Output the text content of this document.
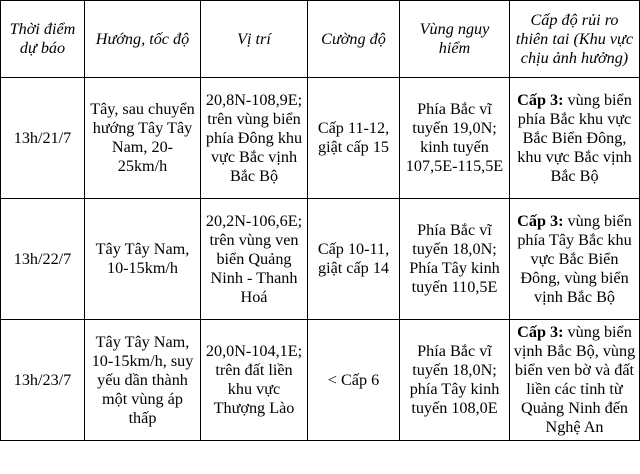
Thời điểm dự báo	Hướng, tốc độ	Vị trí	Cường độ	Vùng nguy hiểm	Cấp độ rủi ro thiên tai (Khu vực chịu ảnh hưởng)
13h/21/7	Tây, sau chuyển hướng Tây Tây Nam, 20-25km/h	20,8N-108,9E; trên vùng biển phía Đông khu vực Bắc vịnh Bắc Bộ	Cấp 11-12, giật cấp 15	Phía Bắc vĩ tuyến 19,0N; kinh tuyến 107,5E-115,5E	Cấp 3: vùng biển phía Bắc khu vực Bắc Biển Đông, khu vực Bắc vịnh Bắc Bộ
13h/22/7	Tây Tây Nam, 10-15km/h	20,2N-106,6E; trên vùng ven biển Quảng Ninh - Thanh Hoá	Cấp 10-11, giật cấp 14	Phía Bắc vĩ tuyến 18,0N; Phía Tây kinh tuyến 110,5E	Cấp 3: vùng biển phía Tây Bắc khu vực Bắc Biển Đông, vùng biển vịnh Bắc Bộ
13h/23/7	Tây Tây Nam, 10-15km/h, suy yếu dần thành một vùng áp thấp	20,0N-104,1E; trên đất liền khu vực Thượng Lào	< Cấp 6	Phía Bắc vĩ tuyến 18,0N; phía Tây kinh tuyến 108,0E	Cấp 3: vùng biển vịnh Bắc Bộ, vùng biển ven bờ và đất liền các tỉnh từ Quảng Ninh đến Nghệ An
